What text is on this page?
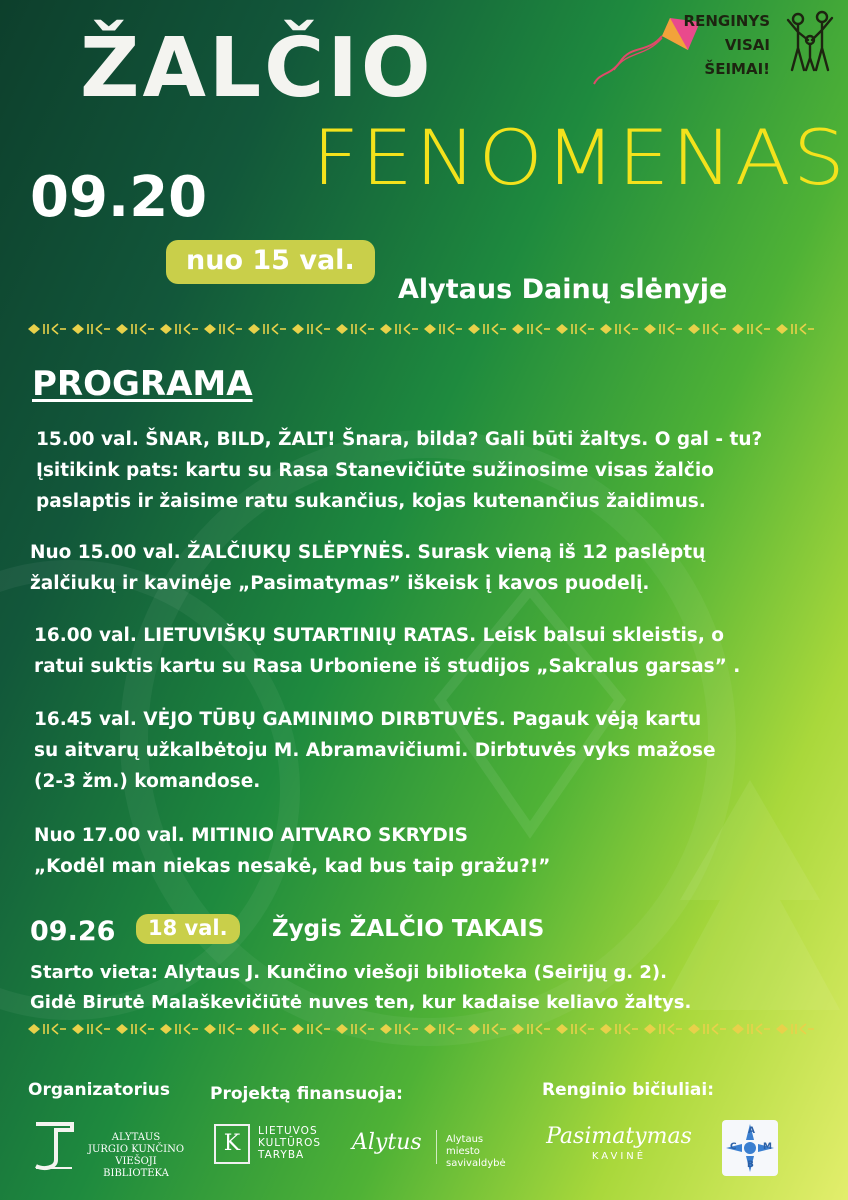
RENGINYS
VISAI
ŠEIMAI!
ŽALČIO
FENOMENAS
09.20
nuo 15 val.
Alytaus Dainų slėnyje
PROGRAMA
15.00 val. ŠNAR, BILD, ŽALT! Šnara, bilda? Gali būti žaltys. O gal - tu?
Įsitikink pats: kartu su Rasa Stanevičiūte sužinosime visas žalčio
paslaptis ir žaisime ratu sukančius, kojas kutenančius žaidimus.
Nuo 15.00 val. ŽALČIUKŲ SLĖPYNĖS. Surask vieną iš 12 paslėptų
žalčiukų ir kavinėje „Pasimatymas” iškeisk į kavos puodelį.
16.00 val. LIETUVIŠKŲ SUTARTINIŲ RATAS. Leisk balsui skleistis, o
ratui suktis kartu su Rasa Urboniene iš studijos „Sakralus garsas” .
16.45 val. VĖJO TŪBŲ GAMINIMO DIRBTUVĖS. Pagauk vėją kartu
su aitvarų užkalbėtoju M. Abramavičiumi. Dirbtuvės vyks mažose
(2-3 žm.) komandose.
Nuo 17.00 val. MITINIO AITVARO SKRYDIS
„Kodėl man niekas nesakė, kad bus taip gražu?!”
09.26	18 val.	Žygis ŽALČIO TAKAIS
Starto vieta: Alytaus J. Kunčino viešoji biblioteka (Seirijų g. 2).
Gidė Birutė Malaškevičiūtė nuves ten, kur kadaise keliavo žaltys.
Organizatorius
ALYTAUS
JURGIO KUNČINO
VIEŠOJI BIBLIOTEKA
Projektą finansuoja:
K	LIETUVOS
KULTŪROS
TARYBA	Alytus Alytaus miesto
savivaldybė
Renginio bičiuliai:
Pasimatymas
KAVINĖ
C
A
M
B
